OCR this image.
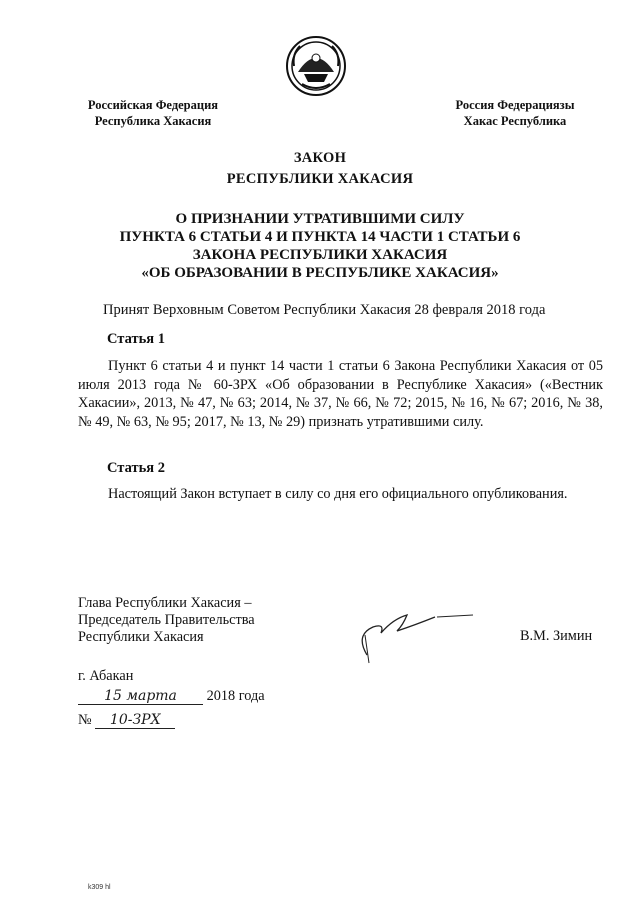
Российская Федерация
Республика Хакасия
Россия Федерациязы
Хакас Республика
ЗАКОН
РЕСПУБЛИКИ ХАКАСИЯ
О ПРИЗНАНИИ УТРАТИВШИМИ СИЛУ
ПУНКТА 6 СТАТЬИ 4 И ПУНКТА 14 ЧАСТИ 1 СТАТЬИ 6
ЗАКОНА РЕСПУБЛИКИ ХАКАСИЯ
«ОБ ОБРАЗОВАНИИ В РЕСПУБЛИКЕ ХАКАСИЯ»
Принят Верховным Советом Республики Хакасия 28 февраля 2018 года
Статья 1
Пункт 6 статьи 4 и пункт 14 части 1 статьи 6 Закона Республики Хакасия от 05 июля 2013 года № 60-ЗРХ «Об образовании в Республике Хакасия» («Вестник Хакасии», 2013, № 47, № 63; 2014, № 37, № 66, № 72; 2015, № 16, № 67; 2016, № 38, № 49, № 63, № 95; 2017, № 13, № 29) признать утратившими силу.
Статья 2
Настоящий Закон вступает в силу со дня его официального опубликования.
Глава Республики Хакасия –
Председатель Правительства
Республики Хакасия	В.М. Зимин
г. Абакан
15 марта 2018 года
№ 10-ЗРХ
k309 hl
